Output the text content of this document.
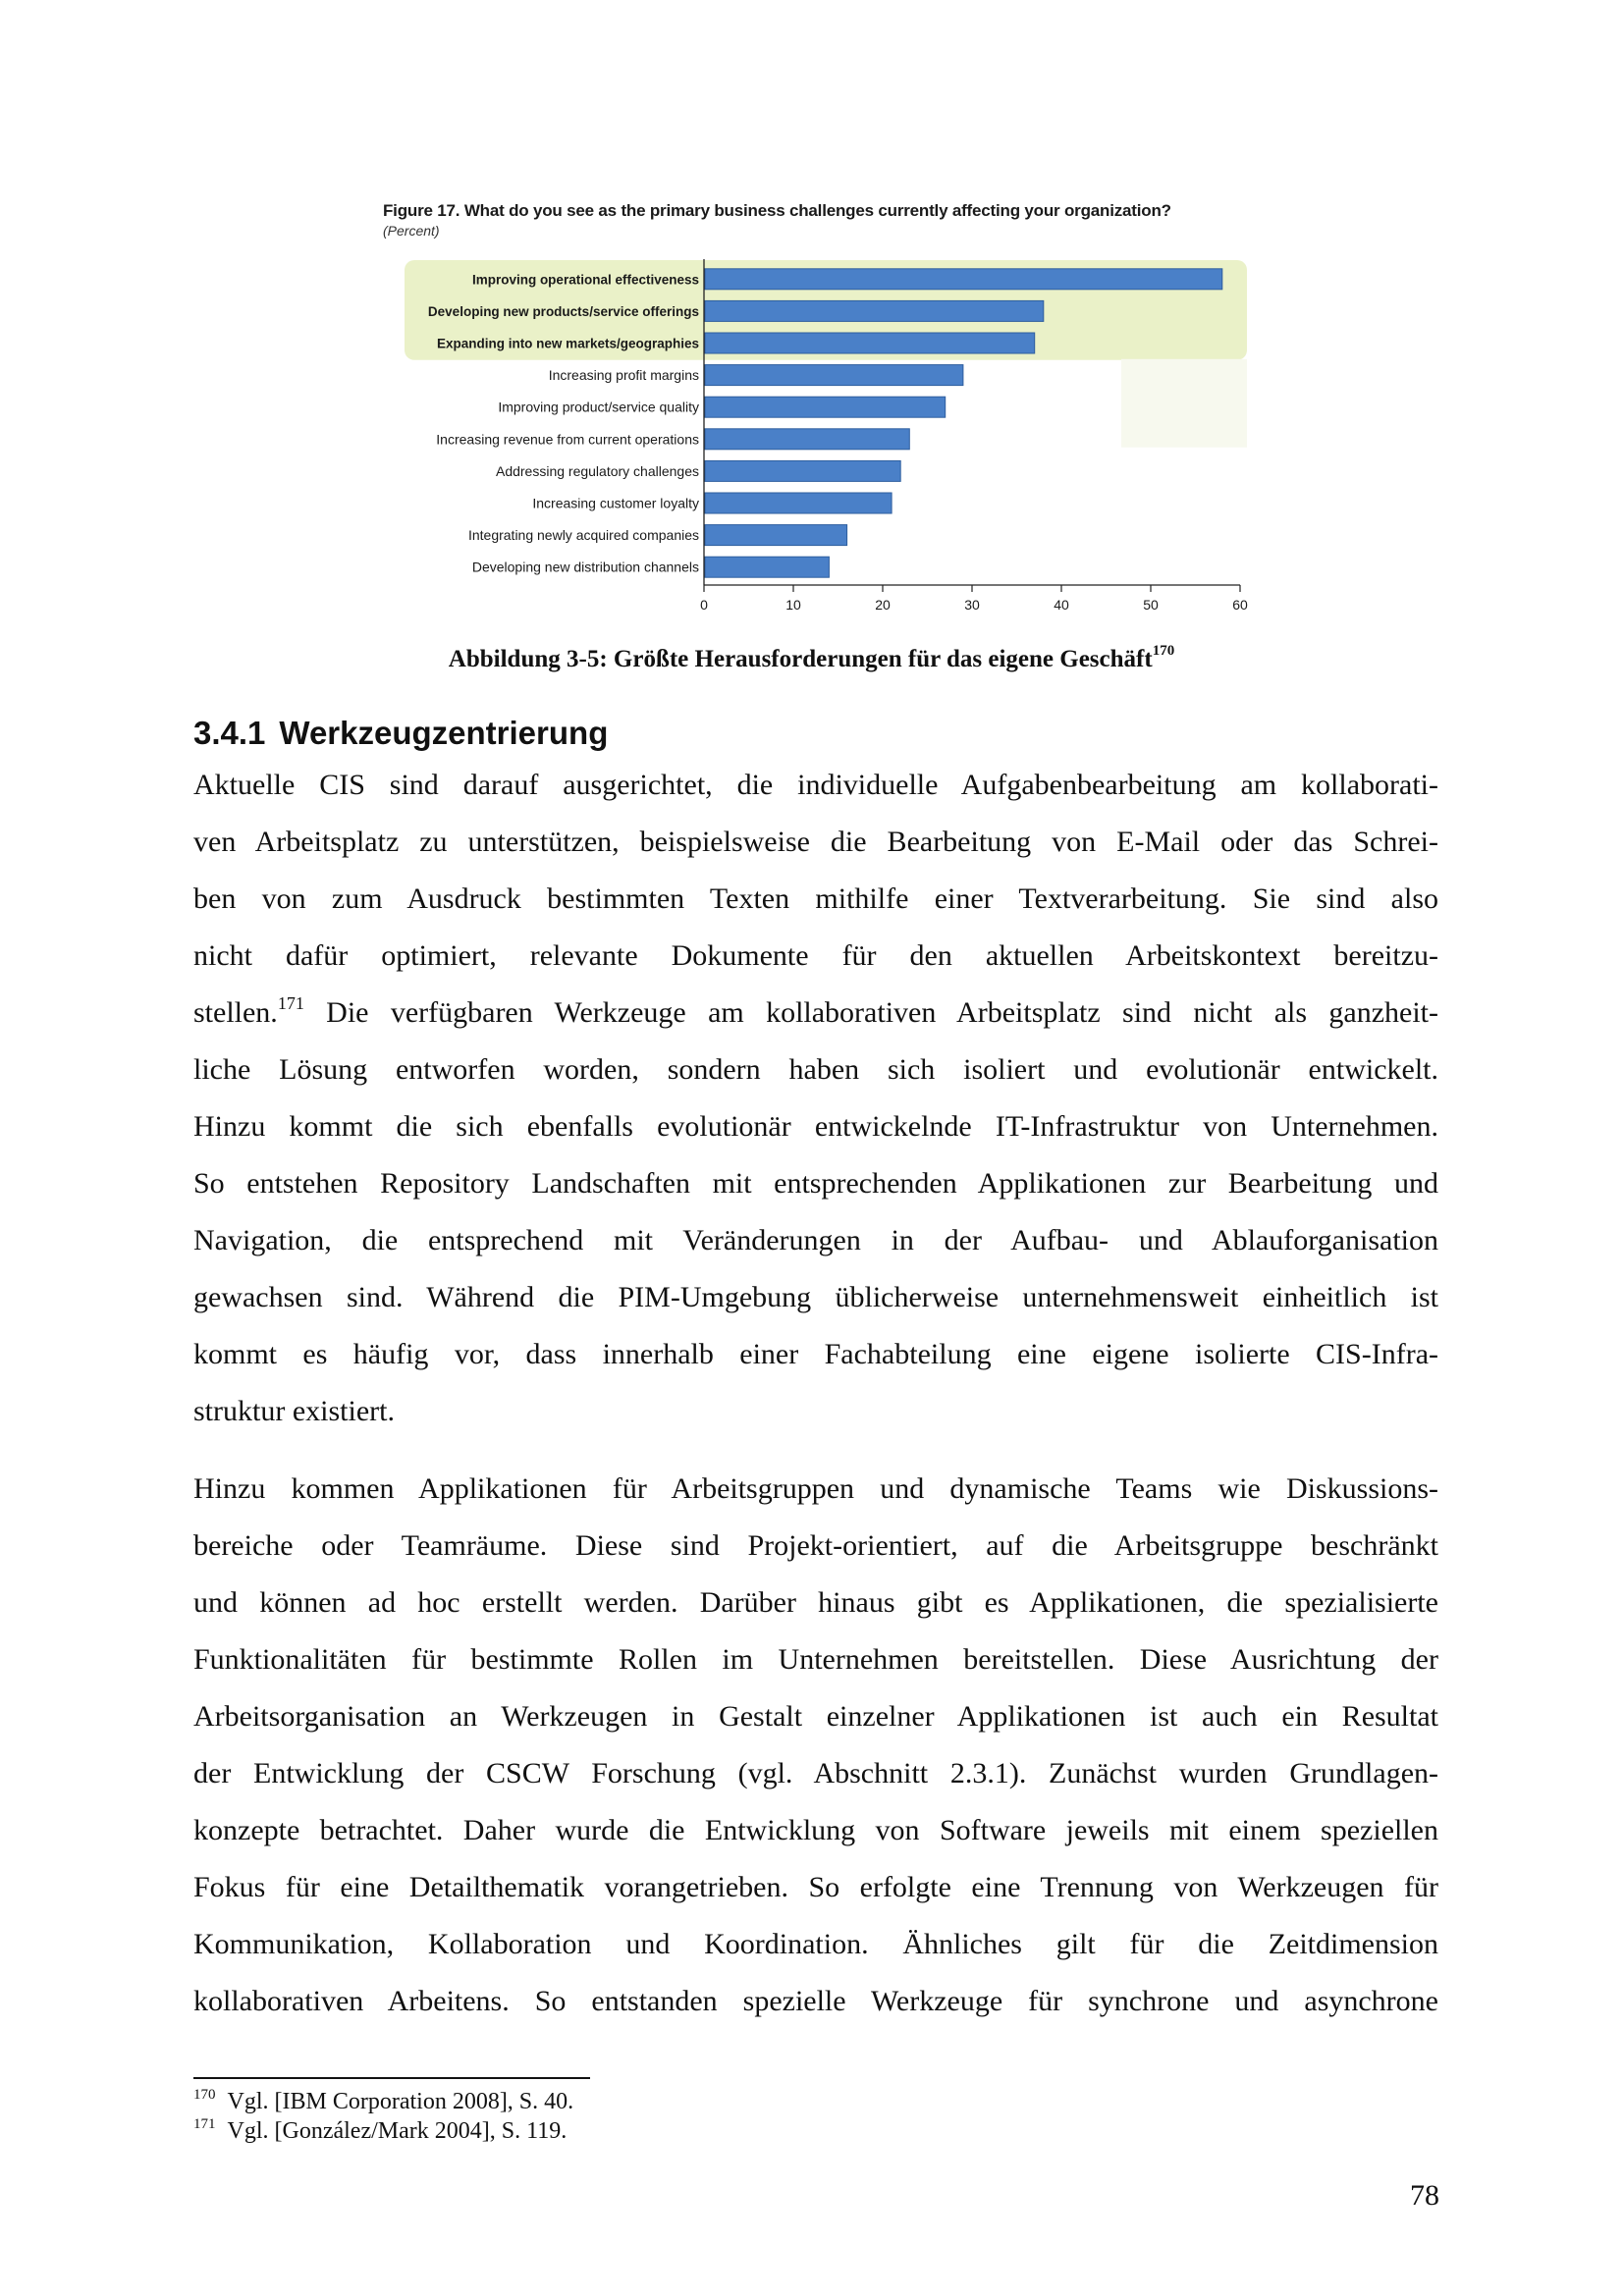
Improving operational effectiveness
Developing new products/service offerings
Expanding into new markets/geographies
Increasing profit margins
Improving product/service quality
Increasing revenue from current operations
Addressing regulatory challenges
Increasing customer loyalty
Integrating newly acquired companies
Developing new distribution channels
0	10	20	30	40	50	60
Figure 17. What do you see as the primary business challenges currently affecting your organization?
(Percent)
Abbildung 3-5: Größte Herausforderungen für das eigene Geschäft$^{170}$
3.4.1 Werkzeugzentrierung
Aktuelle CIS sind darauf ausgerichtet, die individuelle Aufgabenbearbeitung am kollaborati-
ven Arbeitsplatz zu unterstützen, beispielsweise die Bearbeitung von E-Mail oder das Schrei-
ben von zum Ausdruck bestimmten Texten mithilfe einer Textverarbeitung. Sie sind also
nicht dafür optimiert, relevante Dokumente für den aktuellen Arbeitskontext bereitzu-
stellen.$^{171}$ Die verfügbaren Werkzeuge am kollaborativen Arbeitsplatz sind nicht als ganzheit-
liche Lösung entworfen worden, sondern haben sich isoliert und evolutionär entwickelt.
Hinzu kommt die sich ebenfalls evolutionär entwickelnde IT-Infrastruktur von Unternehmen.
So entstehen Repository Landschaften mit entsprechenden Applikationen zur Bearbeitung und
Navigation, die entsprechend mit Veränderungen in der Aufbau- und Ablauforganisation
gewachsen sind. Während die PIM-Umgebung üblicherweise unternehmensweit einheitlich ist
kommt es häufig vor, dass innerhalb einer Fachabteilung eine eigene isolierte CIS-Infra-
struktur existiert.
Hinzu kommen Applikationen für Arbeitsgruppen und dynamische Teams wie Diskussions-
bereiche oder Teamräume. Diese sind Projekt-orientiert, auf die Arbeitsgruppe beschränkt
und können ad hoc erstellt werden. Darüber hinaus gibt es Applikationen, die spezialisierte
Funktionalitäten für bestimmte Rollen im Unternehmen bereitstellen. Diese Ausrichtung der
Arbeitsorganisation an Werkzeugen in Gestalt einzelner Applikationen ist auch ein Resultat
der Entwicklung der CSCW Forschung (vgl. Abschnitt 2.3.1). Zunächst wurden Grundlagen-
konzepte betrachtet. Daher wurde die Entwicklung von Software jeweils mit einem speziellen
Fokus für eine Detailthematik vorangetrieben. So erfolgte eine Trennung von Werkzeugen für
Kommunikation, Kollaboration und Koordination. Ähnliches gilt für die Zeitdimension
kollaborativen Arbeitens. So entstanden spezielle Werkzeuge für synchrone und asynchrone
$^{170}$ Vgl. [IBM Corporation 2008], S. 40.
$^{171}$ Vgl. [González/Mark 2004], S. 119.
78
